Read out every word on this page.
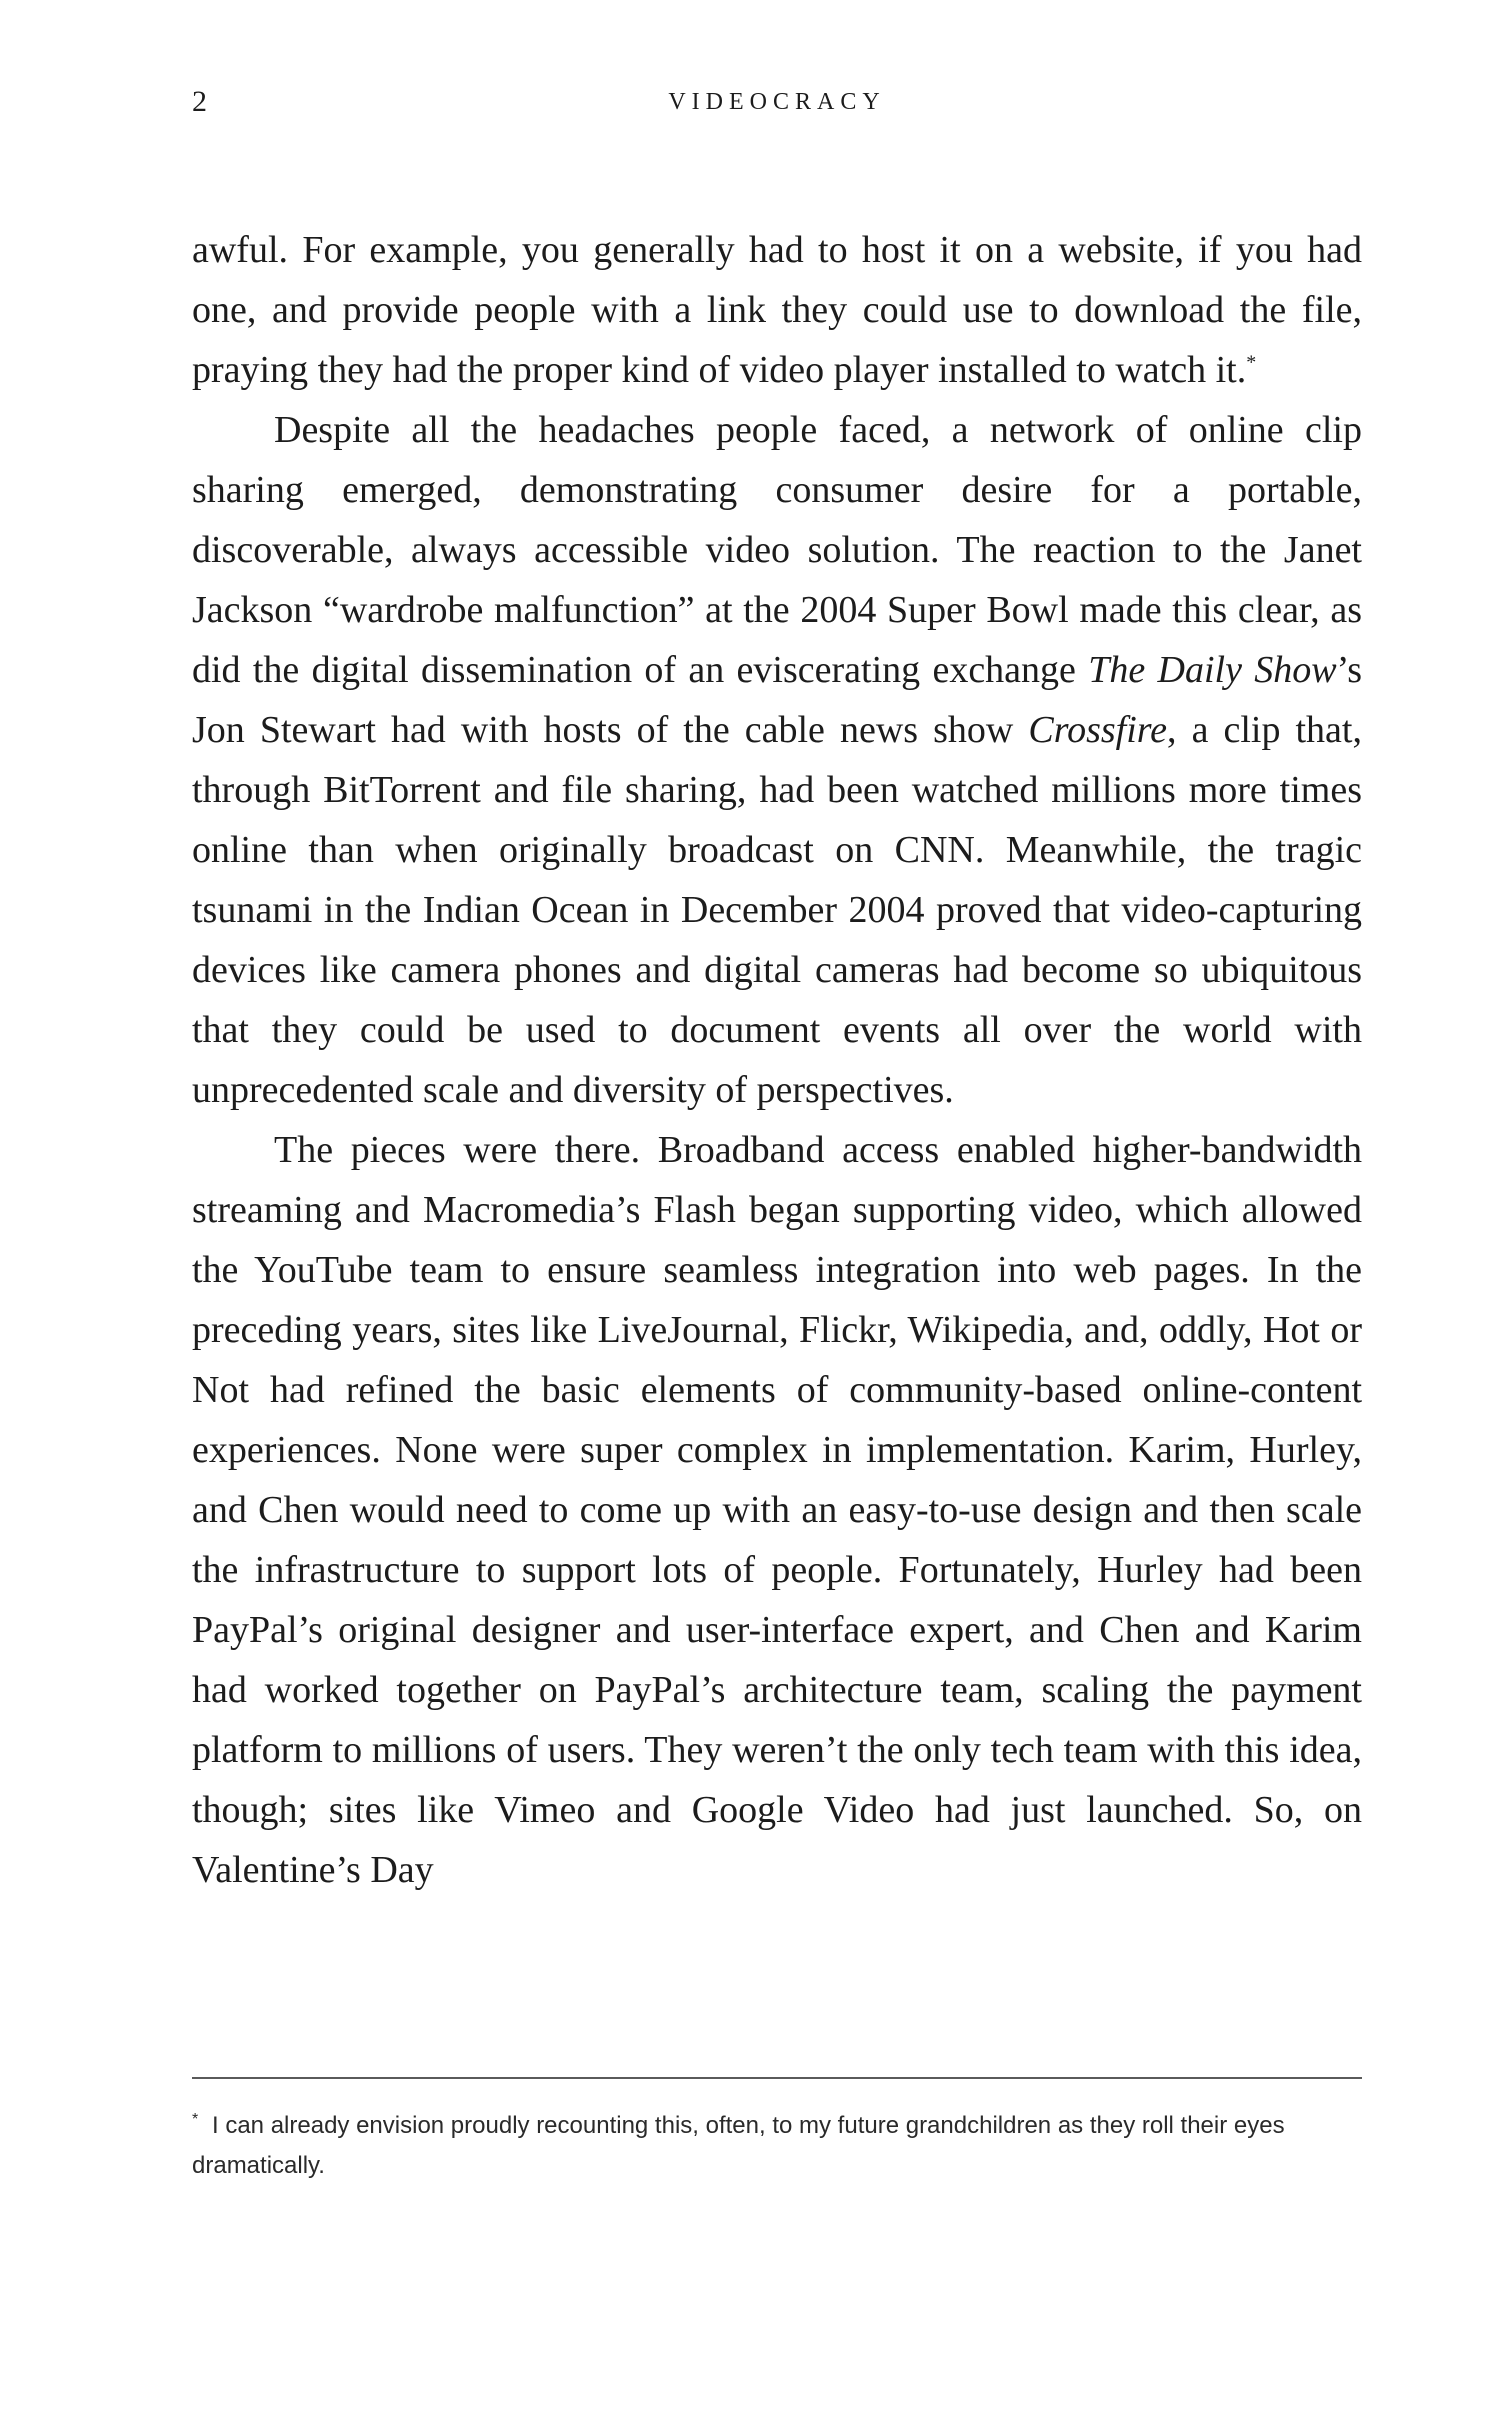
2	VIDEOCRACY

awful. For example, you generally had to host it on a website, if you had one, and provide people with a link they could use to download the file, praying they had the proper kind of video player installed to watch it.*

Despite all the headaches people faced, a network of online clip sharing emerged, demonstrating consumer desire for a portable, discoverable, always accessible video solution. The reaction to the Janet Jackson “wardrobe malfunction” at the 2004 Super Bowl made this clear, as did the digital dissemination of an eviscerating exchange The Daily Show’s Jon Stewart had with hosts of the cable news show Crossfire, a clip that, through BitTorrent and file sharing, had been watched millions more times online than when originally broadcast on CNN. Meanwhile, the tragic tsunami in the Indian Ocean in December 2004 proved that video-capturing devices like camera phones and digital cameras had become so ubiquitous that they could be used to document events all over the world with unprecedented scale and diversity of perspectives.

The pieces were there. Broadband access enabled higher-bandwidth streaming and Macromedia’s Flash began supporting video, which allowed the YouTube team to ensure seamless integration into web pages. In the preceding years, sites like LiveJournal, Flickr, Wikipedia, and, oddly, Hot or Not had refined the basic elements of community-based online-content experiences. None were super complex in implementation. Karim, Hurley, and Chen would need to come up with an easy-to-use design and then scale the infrastructure to support lots of people. Fortunately, Hurley had been PayPal’s original designer and user-interface expert, and Chen and Karim had worked together on PayPal’s architecture team, scaling the payment platform to millions of users. They weren’t the only tech team with this idea, though; sites like Vimeo and Google Video had just launched. So, on Valentine’s Day

* I can already envision proudly recounting this, often, to my future grandchildren as they roll their eyes dramatically.
